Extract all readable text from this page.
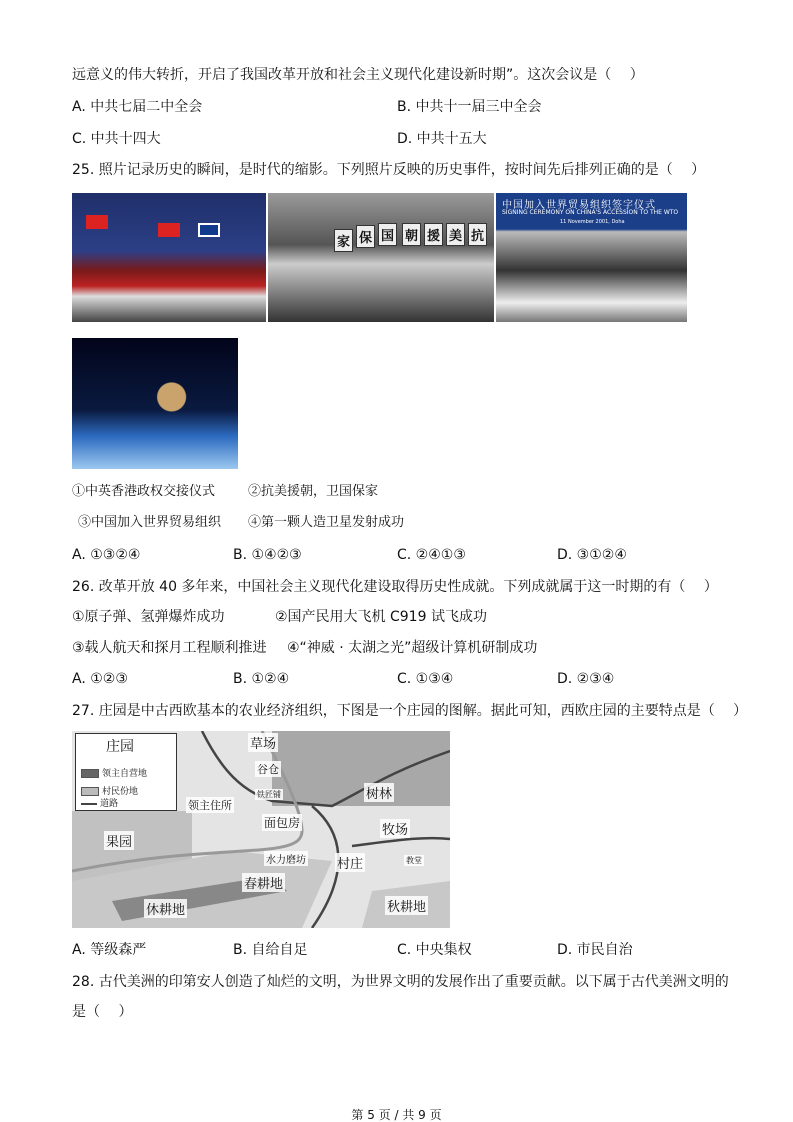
远意义的伟大转折，开启了我国改革开放和社会主义现代化建设新时期”。这次会议是（　 ）
A. 中共七届二中全会	B. 中共十一届三中全会
C. 中共十四大	D. 中共十五大
25. 照片记录历史的瞬间，是时代的缩影。下列照片反映的历史事件，按时间先后排列正确的是（　 ）
家 保 国 朝 援 美 抗
中国加入世界贸易组织签字仪式
SIGNING CEREMONY ON CHINA'S ACCESSION TO THE WTO
11 November 2001, Doha
①中英香港政权交接仪式	②抗美援朝，卫国保家
③中国加入世界贸易组织 ④第一颗人造卫星发射成功
A. ①③②④	B. ①④②③	C. ②④①③	D. ③①②④
26. 改革开放 40 多年来，中国社会主义现代化建设取得历史性成就。下列成就属于这一时期的有（　 ）
①原子弹、氢弹爆炸成功	②国产民用大飞机 C919 试飞成功
③载人航天和探月工程顺利推进 ④“神威 · 太湖之光”超级计算机研制成功
A. ①②③	B. ①②④	C. ①③④	D. ②③④
27. 庄园是中古西欧基本的农业经济组织，下图是一个庄园的图解。据此可知，西欧庄园的主要特点是（　 ）
庄园
领主自营地
村民份地
道路
草场
谷仓
铁匠铺
领主住所
面包房
树林
牧场
果园
水力磨坊 村庄	教堂
春耕地
休耕地	秋耕地
A. 等级森严	B. 自给自足	C. 中央集权	D. 市民自治
28. 古代美洲的印第安人创造了灿烂的文明，为世界文明的发展作出了重要贡献。以下属于古代美洲文明的
是（　 ）
第 5 页 / 共 9 页
